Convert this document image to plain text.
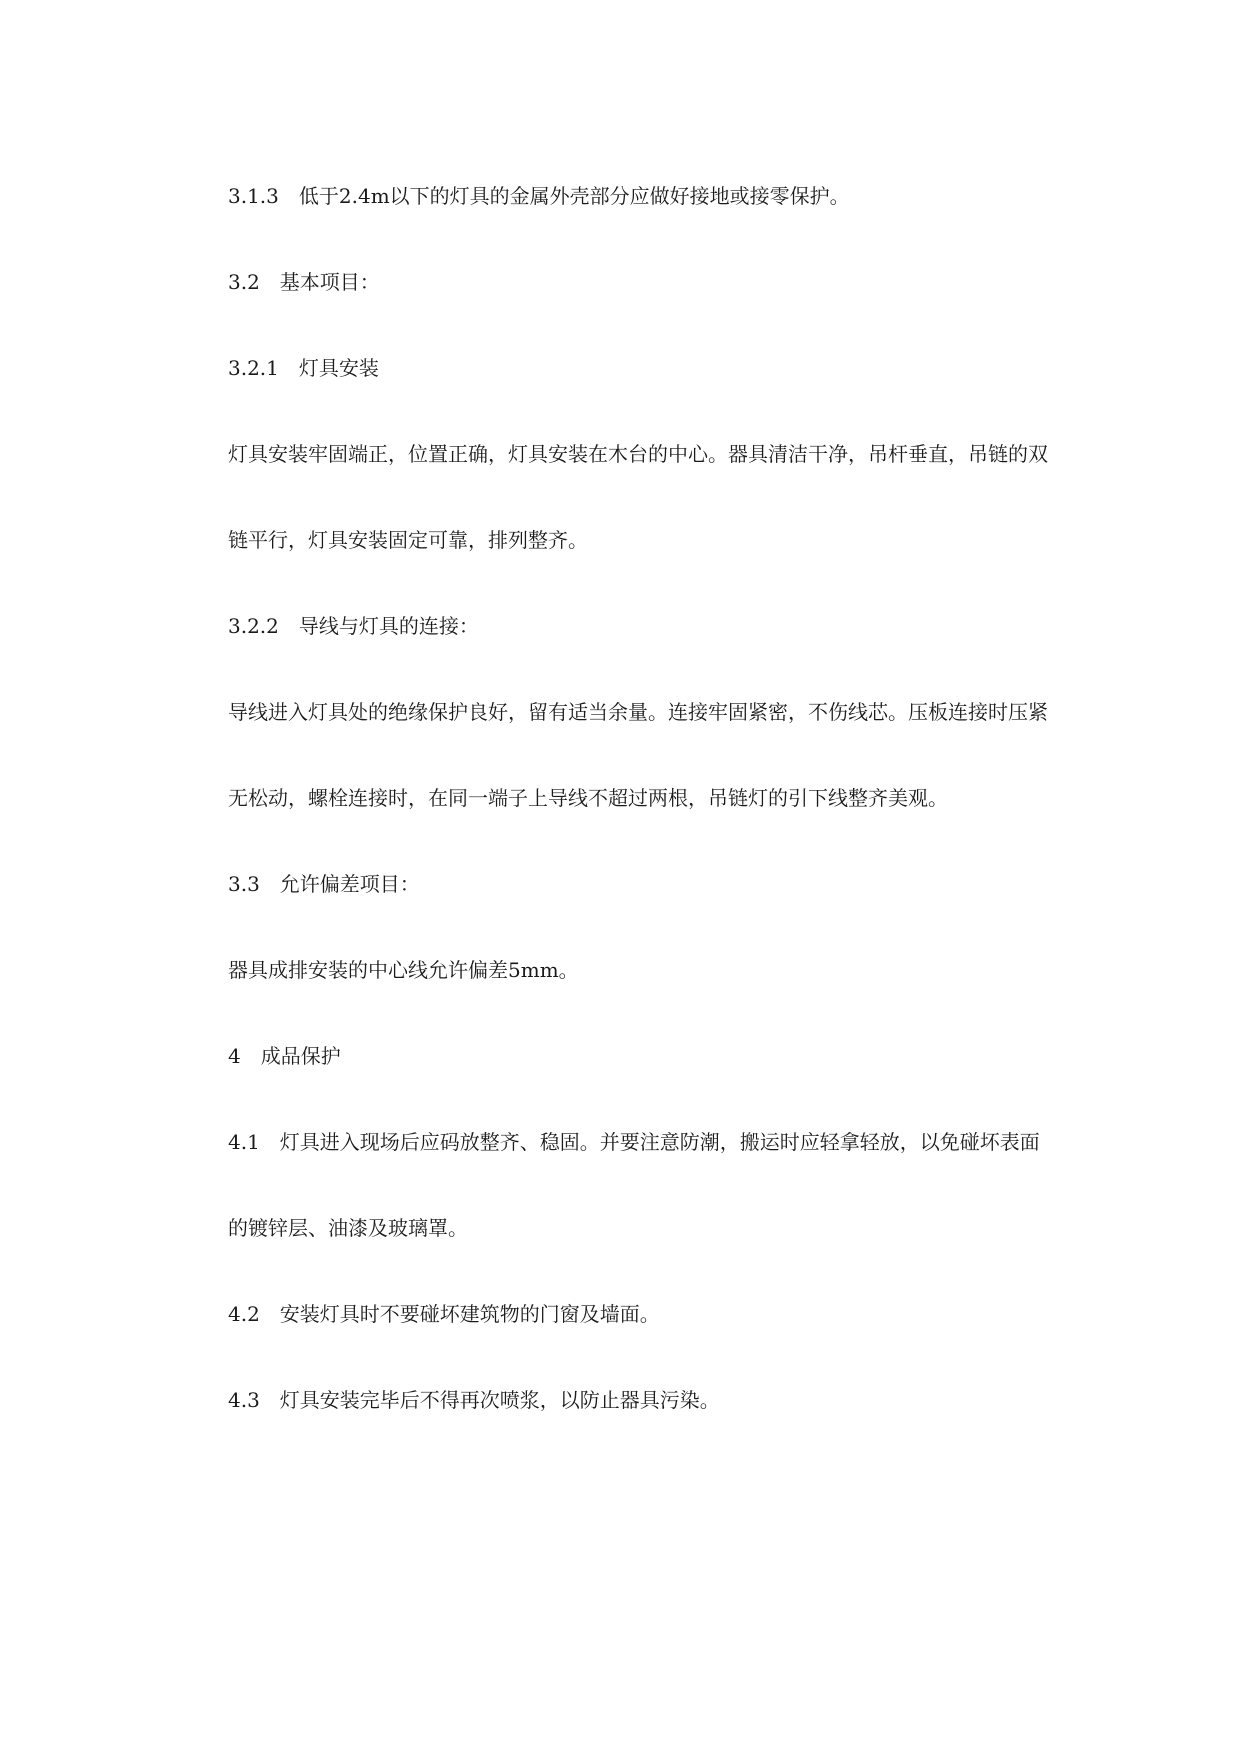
3.1.3　低于2.4m以下的灯具的金属外壳部分应做好接地或接零保护。
3.2　基本项目：
3.2.1　灯具安装
灯具安装牢固端正，位置正确，灯具安装在木台的中心。器具清洁干净，吊杆垂直，吊链的双
链平行，灯具安装固定可靠，排列整齐。
3.2.2　导线与灯具的连接：
导线进入灯具处的绝缘保护良好，留有适当余量。连接牢固紧密，不伤线芯。压板连接时压紧
无松动，螺栓连接时，在同一端子上导线不超过两根，吊链灯的引下线整齐美观。
3.3　允许偏差项目：
器具成排安装的中心线允许偏差5mm。
4　成品保护
4.1　灯具进入现场后应码放整齐、稳固。并要注意防潮，搬运时应轻拿轻放，以免碰坏表面
的镀锌层、油漆及玻璃罩。
4.2　安装灯具时不要碰坏建筑物的门窗及墙面。
4.3　灯具安装完毕后不得再次喷浆，以防止器具污染。
